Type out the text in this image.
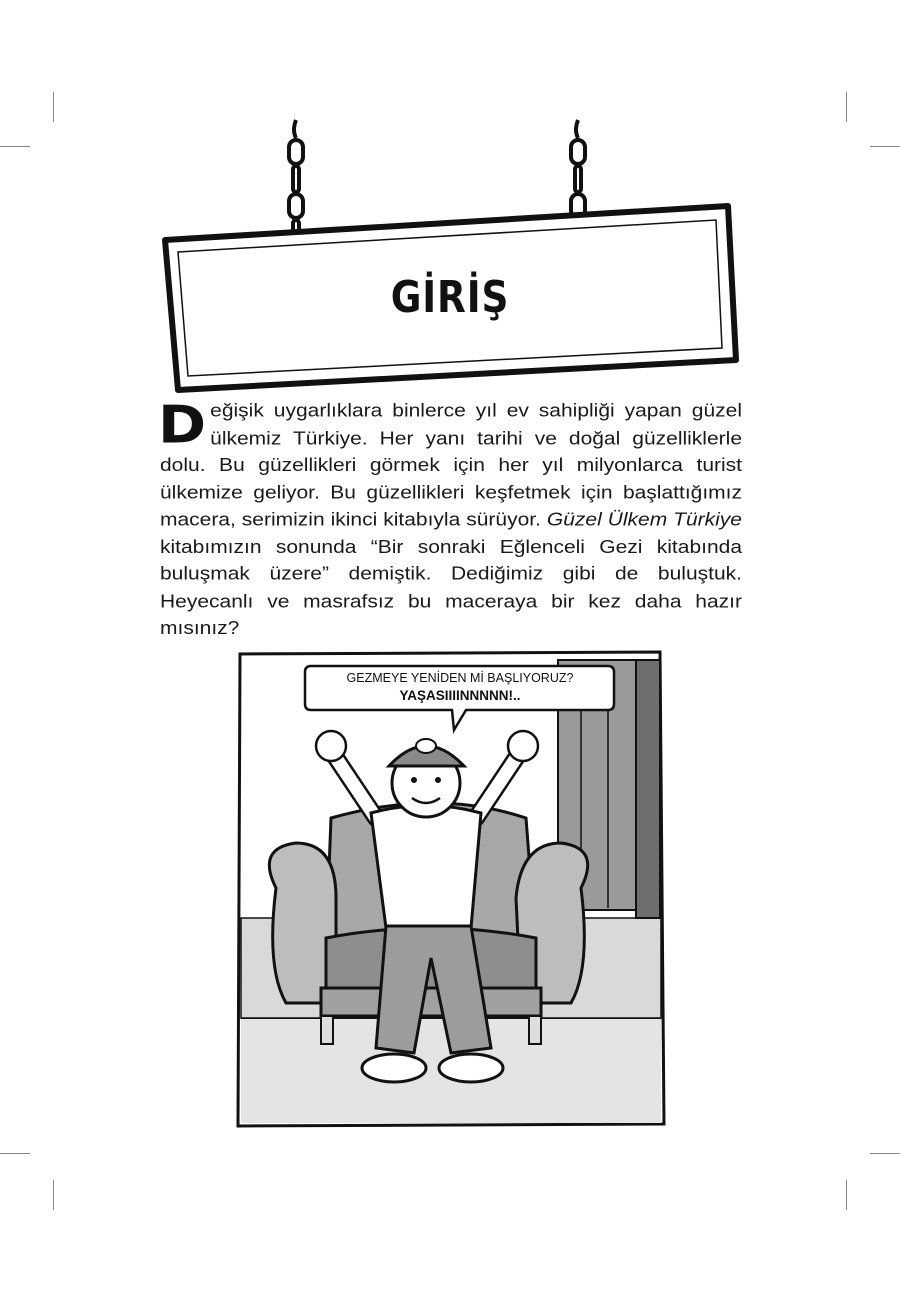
GİRİŞ
Değişik uygarlıklara binlerce yıl ev sahipliği yapan güzel ülkemiz Türkiye. Her yanı tarihi ve doğal güzelliklerle dolu. Bu güzellikleri görmek için her yıl milyonlarca turist ülkemize geliyor. Bu güzellikleri keşfetmek için başlattığımız macera, serimizin ikinci kitabıyla sürüyor. Güzel Ülkem Türkiye kitabımızın sonunda “Bir sonraki Eğlenceli Gezi kitabında buluşmak üzere” demiştik. Dediğimiz gibi de buluştuk. Heyecanlı ve masrafsız bu maceraya bir kez daha hazır mısınız?
GEZMEYE YENİDEN Mİ BAŞLIYORUZ?
YAŞASIIIINNNNN!..
